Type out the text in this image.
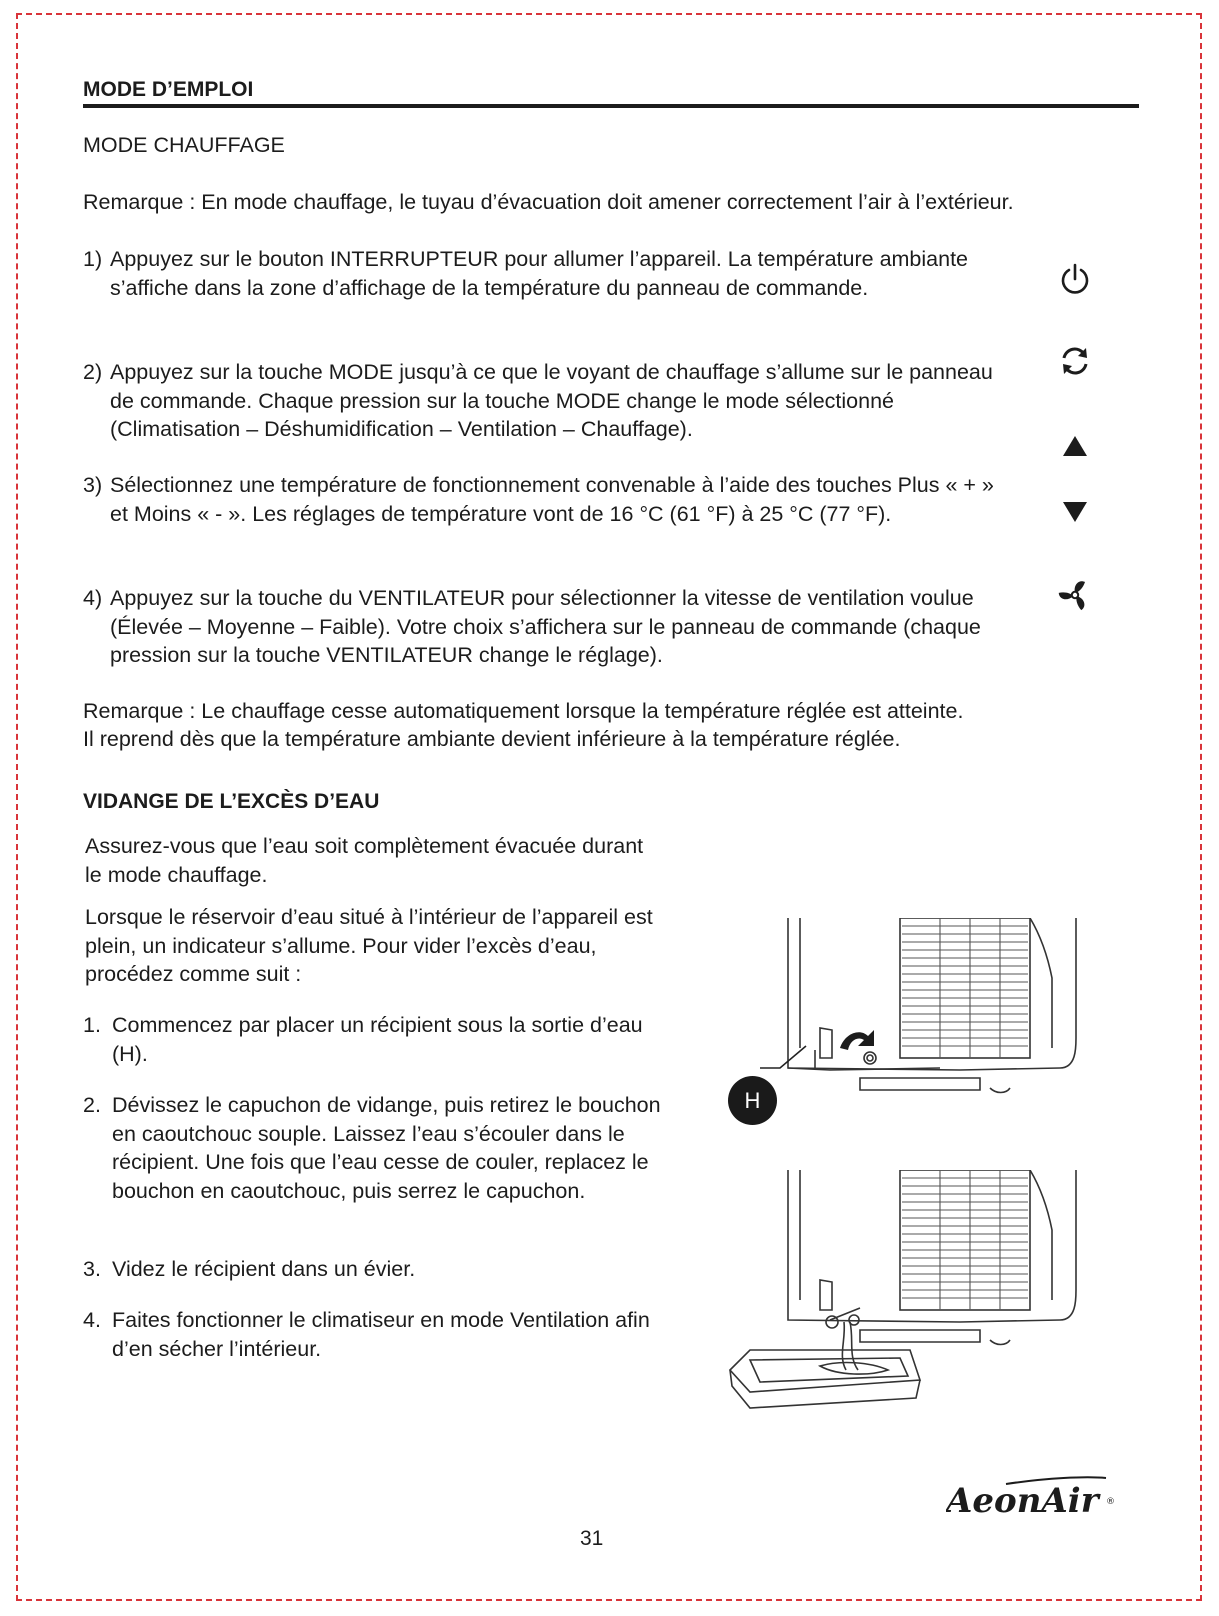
MODE D’EMPLOI
MODE CHAUFFAGE
Remarque : En mode chauffage, le tuyau d’évacuation doit amener correctement l’air à l’extérieur.
1) Appuyez sur le bouton INTERRUPTEUR pour allumer l’appareil. La température ambiante s’affiche dans la zone d’affichage de la température du panneau de commande.
2) Appuyez sur la touche MODE jusqu’à ce que le voyant de chauffage s’allume sur le panneau de commande. Chaque pression sur la touche MODE change le mode sélectionné (Climatisation – Déshumidification – Ventilation – Chauffage).
3) Sélectionnez une température de fonctionnement convenable à l’aide des touches Plus « + » et Moins « - ». Les réglages de température vont de 16 °C (61 °F) à 25 °C (77 °F).
4) Appuyez sur la touche du VENTILATEUR pour sélectionner la vitesse de ventilation voulue (Élevée – Moyenne – Faible). Votre choix s’affichera sur le panneau de commande (chaque pression sur la touche VENTILATEUR change le réglage).
Remarque : Le chauffage cesse automatiquement lorsque la température réglée est atteinte.
Il reprend dès que la température ambiante devient inférieure à la température réglée.
VIDANGE DE L’EXCÈS D’EAU
Assurez-vous que l’eau soit complètement évacuée durant le mode chauffage.
Lorsque le réservoir d’eau situé à l’intérieur de l’appareil est plein, un indicateur s’allume. Pour vider l’excès d’eau, procédez comme suit :
1. Commencez par placer un récipient sous la sortie d’eau (H).
2. Dévissez le capuchon de vidange, puis retirez le bouchon en caoutchouc souple. Laissez l’eau s’écouler dans le récipient. Une fois que l’eau cesse de couler, replacez le bouchon en caoutchouc, puis serrez le capuchon.
3. Videz le récipient dans un évier.
4. Faites fonctionner le climatiseur en mode Ventilation afin d’en sécher l’intérieur.
H
AeonAir ®
31
